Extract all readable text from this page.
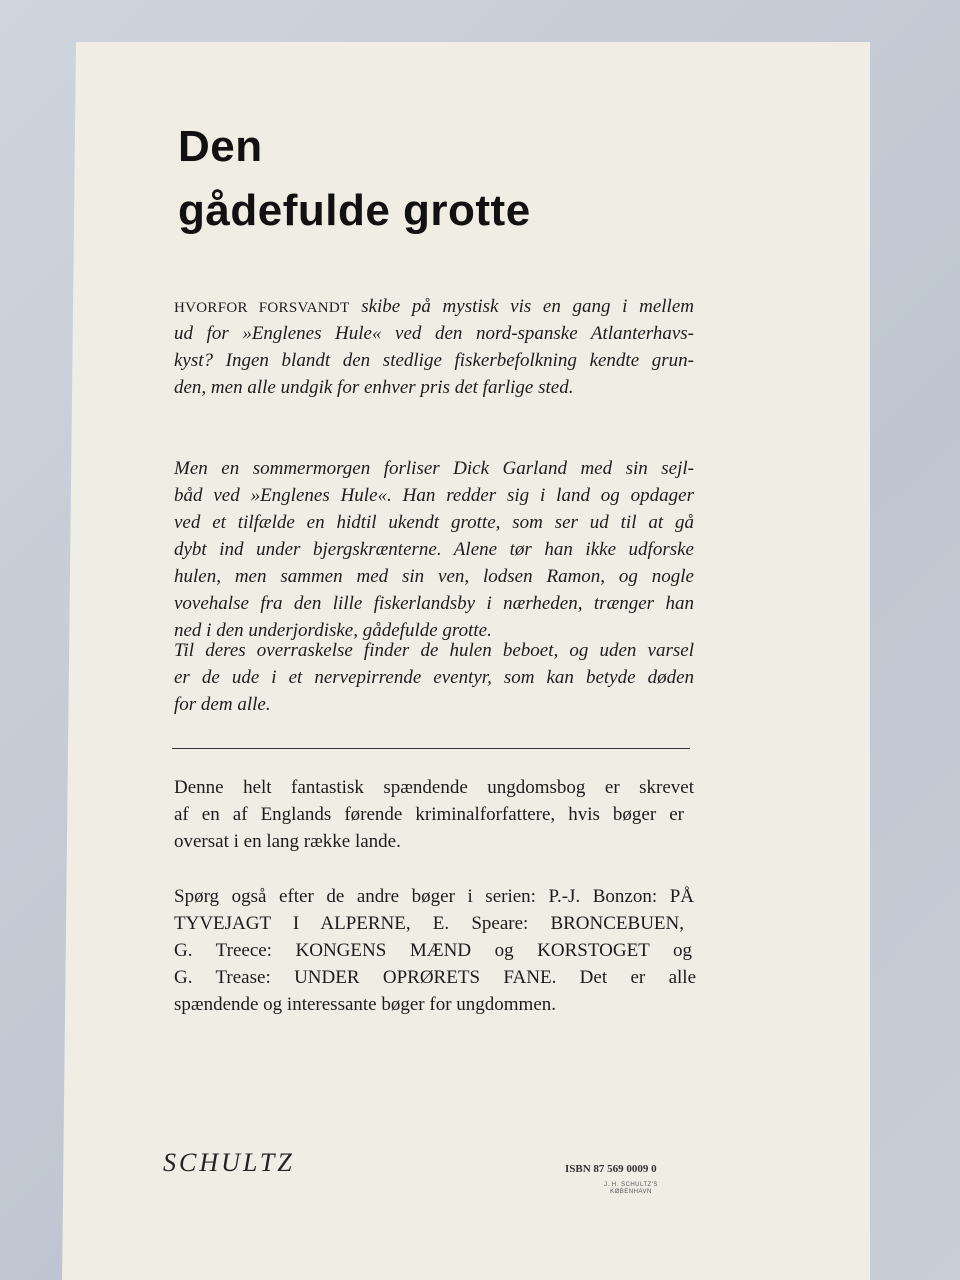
Den
gådefulde grotte
HVORFOR FORSVANDT skibe på mystisk vis en gang i mellem
ud for »Englenes Hule« ved den nord-spanske Atlanterhavs-
kyst? Ingen blandt den stedlige fiskerbefolkning kendte grun-
den, men alle undgik for enhver pris det farlige sted.
Men en sommermorgen forliser Dick Garland med sin sejl-
båd ved »Englenes Hule«. Han redder sig i land og opdager
ved et tilfælde en hidtil ukendt grotte, som ser ud til at gå
dybt ind under bjergskrænterne. Alene tør han ikke udforske
hulen, men sammen med sin ven, lodsen Ramon, og nogle
vovehalse fra den lille fiskerlandsby i nærheden, trænger han
ned i den underjordiske, gådefulde grotte.
Til deres overraskelse finder de hulen beboet, og uden varsel
er de ude i et nervepirrende eventyr, som kan betyde døden
for dem alle.
Denne helt fantastisk spændende ungdomsbog er skrevet
af en af Englands førende kriminalforfattere, hvis bøger er
oversat i en lang række lande.
Spørg også efter de andre bøger i serien: P.-J. Bonzon: PÅ
TYVEJAGT I ALPERNE, E. Speare: BRONCEBUEN,
G. Treece: KONGENS MÆND og KORSTOGET og
G. Trease: UNDER OPRØRETS FANE. Det er alle
spændende og interessante bøger for ungdommen.
SCHULTZ	ISBN 87 569 0009 0
J. H. SCHULTZ'S
KØBENHAVN
